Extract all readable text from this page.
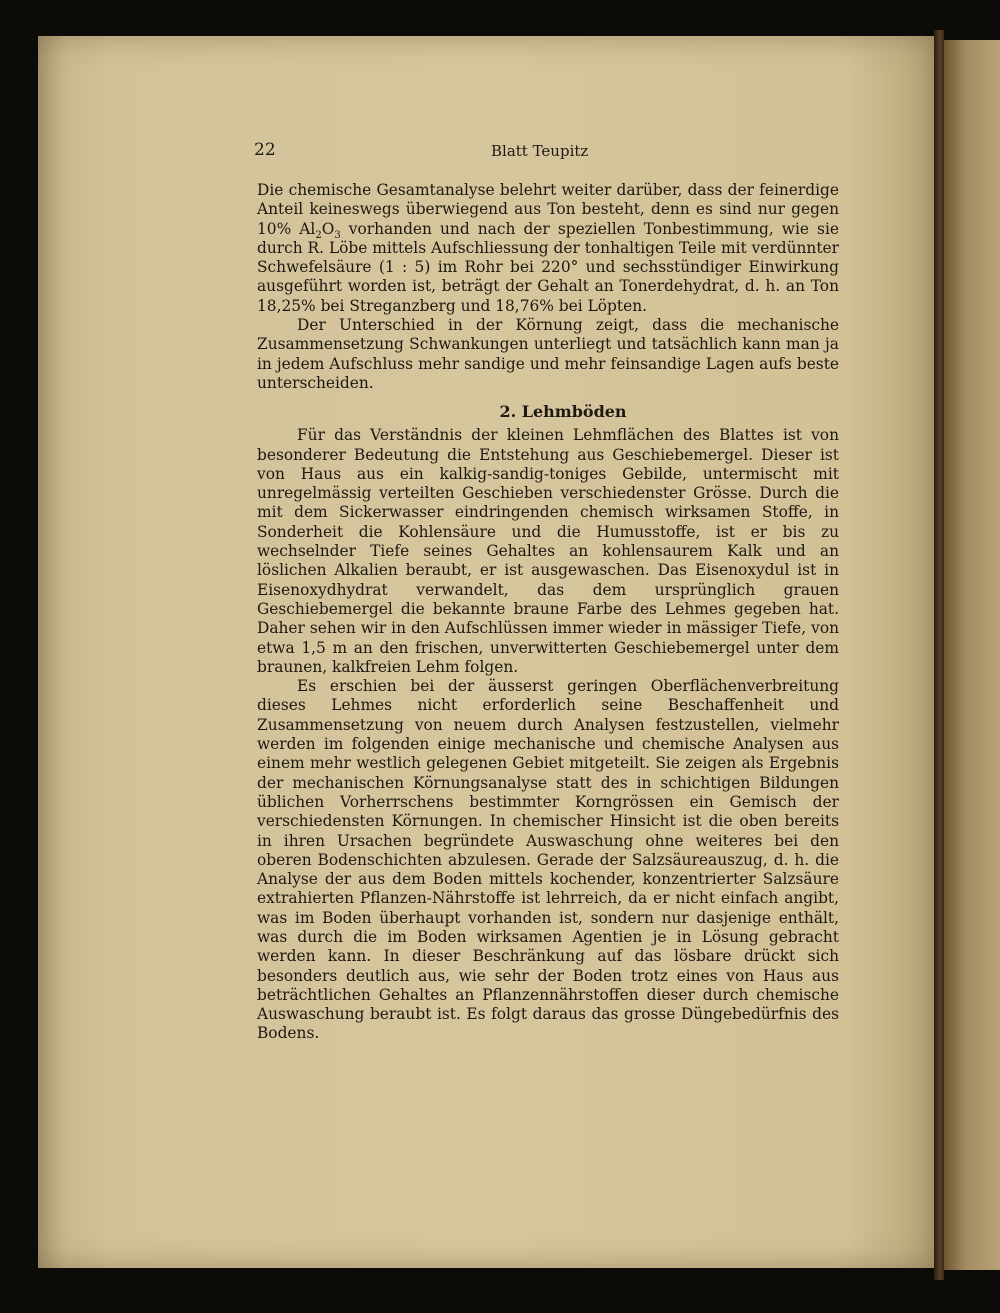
22	Blatt Teupitz

Die chemische Gesamtanalyse belehrt weiter darüber, dass der feinerdige Anteil keineswegs überwiegend aus Ton besteht, denn es sind nur gegen 10% $Al_2O_3$ vorhanden und nach der speziellen Tonbestimmung, wie sie durch R. Löbe mittels Aufschliessung der tonhaltigen Teile mit verdünnter Schwefelsäure (1 : 5) im Rohr bei 220° und sechsstündiger Einwirkung ausgeführt worden ist, beträgt der Gehalt an Tonerdehydrat, d. h. an Ton 18,25% bei Streganzberg und 18,76% bei Löpten.

Der Unterschied in der Körnung zeigt, dass die mechanische Zusammensetzung Schwankungen unterliegt und tatsächlich kann man ja in jedem Aufschluss mehr sandige und mehr feinsandige Lagen aufs beste unterscheiden.

2. Lehmböden

Für das Verständnis der kleinen Lehmflächen des Blattes ist von besonderer Bedeutung die Entstehung aus Geschiebemergel. Dieser ist von Haus aus ein kalkig-sandig-toniges Gebilde, untermischt mit unregelmässig verteilten Geschieben verschiedenster Grösse. Durch die mit dem Sickerwasser eindringenden chemisch wirksamen Stoffe, in Sonderheit die Kohlensäure und die Humusstoffe, ist er bis zu wechselnder Tiefe seines Gehaltes an kohlensaurem Kalk und an löslichen Alkalien beraubt, er ist ausgewaschen. Das Eisenoxydul ist in Eisenoxydhydrat verwandelt, das dem ursprünglich grauen Geschiebemergel die bekannte braune Farbe des Lehmes gegeben hat. Daher sehen wir in den Aufschlüssen immer wieder in mässiger Tiefe, von etwa 1,5 m an den frischen, unverwitterten Geschiebemergel unter dem braunen, kalkfreien Lehm folgen.

Es erschien bei der äusserst geringen Oberflächenverbreitung dieses Lehmes nicht erforderlich seine Beschaffenheit und Zusammensetzung von neuem durch Analysen festzustellen, vielmehr werden im folgenden einige mechanische und chemische Analysen aus einem mehr westlich gelegenen Gebiet mitgeteilt. Sie zeigen als Ergebnis der mechanischen Körnungsanalyse statt des in schichtigen Bildungen üblichen Vorherrschens bestimmter Korngrössen ein Gemisch der verschiedensten Körnungen. In chemischer Hinsicht ist die oben bereits in ihren Ursachen begründete Auswaschung ohne weiteres bei den oberen Bodenschichten abzulesen. Gerade der Salzsäureauszug, d. h. die Analyse der aus dem Boden mittels kochender, konzentrierter Salzsäure extrahierten Pflanzen-Nährstoffe ist lehrreich, da er nicht einfach angibt, was im Boden überhaupt vorhanden ist, sondern nur dasjenige enthält, was durch die im Boden wirksamen Agentien je in Lösung gebracht werden kann. In dieser Beschränkung auf das lösbare drückt sich besonders deutlich aus, wie sehr der Boden trotz eines von Haus aus beträchtlichen Gehaltes an Pflanzennährstoffen dieser durch chemische Auswaschung beraubt ist. Es folgt daraus das grosse Düngebedürfnis des Bodens.
